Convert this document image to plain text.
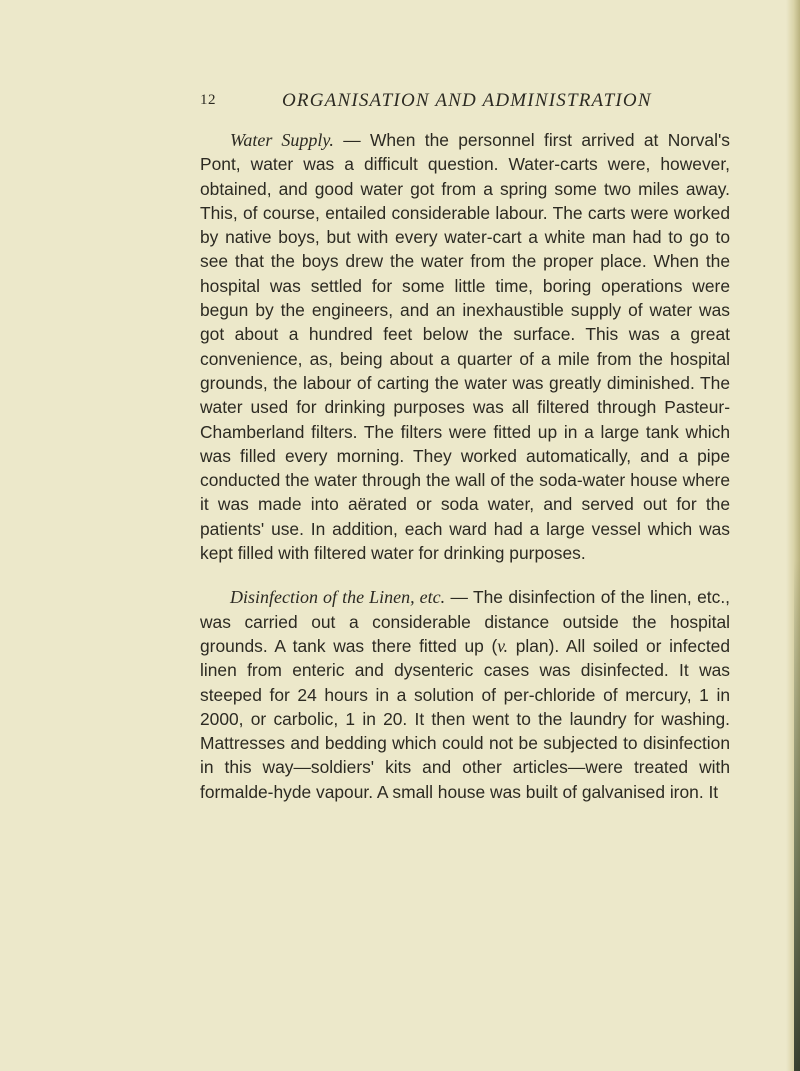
12	ORGANISATION AND ADMINISTRATION

Water Supply. — When the personnel first arrived at Norval's Pont, water was a difficult question. Water-carts were, however, obtained, and good water got from a spring some two miles away. This, of course, entailed considerable labour. The carts were worked by native boys, but with every water-cart a white man had to go to see that the boys drew the water from the proper place. When the hospital was settled for some little time, boring operations were begun by the engineers, and an inexhaustible supply of water was got about a hundred feet below the surface. This was a great convenience, as, being about a quarter of a mile from the hospital grounds, the labour of carting the water was greatly diminished. The water used for drinking purposes was all filtered through Pasteur-Chamberland filters. The filters were fitted up in a large tank which was filled every morning. They worked automatically, and a pipe conducted the water through the wall of the soda-water house where it was made into aërated or soda water, and served out for the patients' use. In addition, each ward had a large vessel which was kept filled with filtered water for drinking purposes.

Disinfection of the Linen, etc. — The disinfection of the linen, etc., was carried out a considerable distance outside the hospital grounds. A tank was there fitted up (v. plan). All soiled or infected linen from enteric and dysenteric cases was disinfected. It was steeped for 24 hours in a solution of per-chloride of mercury, 1 in 2000, or carbolic, 1 in 20. It then went to the laundry for washing. Mattresses and bedding which could not be subjected to disinfection in this way—soldiers' kits and other articles—were treated with formalde-hyde vapour. A small house was built of galvanised iron. It
